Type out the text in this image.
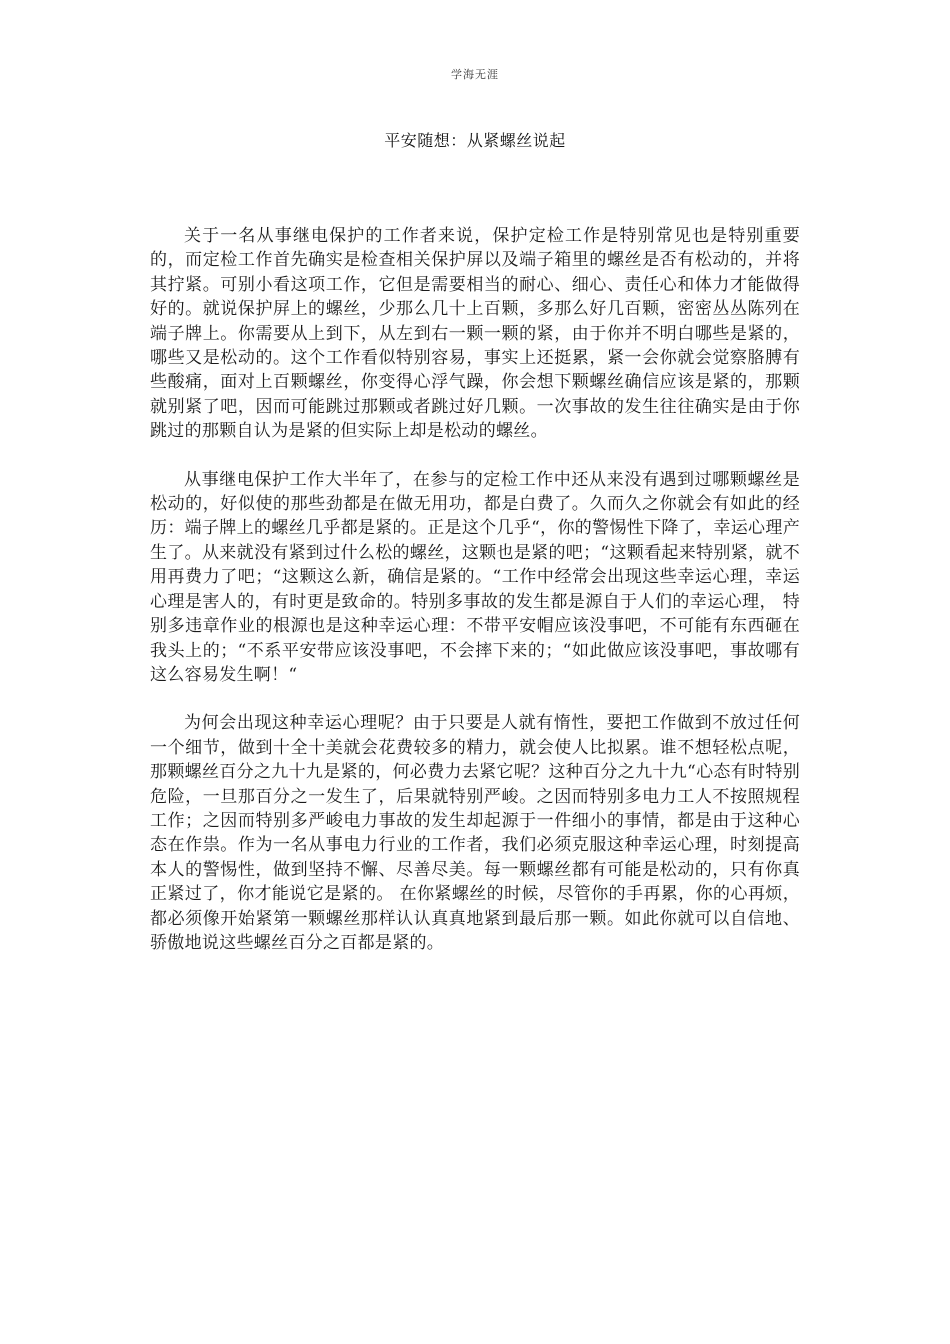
学海无涯
平安随想：从紧螺丝说起

关于一名从事继电保护的工作者来说，保护定检工作是特别常见也是特别重要的，而定检工作首先确实是检查相关保护屏以及端子箱里的螺丝是否有松动的，并将其拧紧。可别小看这项工作，它但是需要相当的耐心、细心、责任心和体力才能做得好的。就说保护屏上的螺丝，少那么几十上百颗，多那么好几百颗，密密丛丛陈列在端子牌上。你需要从上到下，从左到右一颗一颗的紧，由于你并不明白哪些是紧的，哪些又是松动的。这个工作看似特别容易，事实上还挺累，紧一会你就会觉察胳膊有些酸痛，面对上百颗螺丝，你变得心浮气躁，你会想下颗螺丝确信应该是紧的，那颗就别紧了吧，因而可能跳过那颗或者跳过好几颗。一次事故的发生往往确实是由于你跳过的那颗自认为是紧的但实际上却是松动的螺丝。

从事继电保护工作大半年了，在参与的定检工作中还从来没有遇到过哪颗螺丝是松动的，好似使的那些劲都是在做无用功，都是白费了。久而久之你就会有如此的经历：端子牌上的螺丝几乎都是紧的。正是这个几乎“，你的警惕性下降了，幸运心理产生了。从来就没有紧到过什么松的螺丝，这颗也是紧的吧；“这颗看起来特别紧，就不用再费力了吧；“这颗这么新，确信是紧的。“工作中经常会出现这些幸运心理，幸运心理是害人的，有时更是致命的。特别多事故的发生都是源自于人们的幸运心理， 特别多违章作业的根源也是这种幸运心理：不带平安帽应该没事吧，不可能有东西砸在我头上的；“不系平安带应该没事吧，不会摔下来的；“如此做应该没事吧，事故哪有这么容易发生啊！“

为何会出现这种幸运心理呢？由于只要是人就有惰性，要把工作做到不放过任何一个细节，做到十全十美就会花费较多的精力，就会使人比拟累。谁不想轻松点呢，那颗螺丝百分之九十九是紧的，何必费力去紧它呢？这种百分之九十九“心态有时特别危险，一旦那百分之一发生了，后果就特别严峻。之因而特别多电力工人不按照规程工作；之因而特别多严峻电力事故的发生却起源于一件细小的事情，都是由于这种心态在作祟。作为一名从事电力行业的工作者，我们必须克服这种幸运心理，时刻提高本人的警惕性，做到坚持不懈、尽善尽美。每一颗螺丝都有可能是松动的，只有你真正紧过了，你才能说它是紧的。 在你紧螺丝的时候，尽管你的手再累，你的心再烦，都必须像开始紧第一颗螺丝那样认认真真地紧到最后那一颗。如此你就可以自信地、骄傲地说这些螺丝百分之百都是紧的。
